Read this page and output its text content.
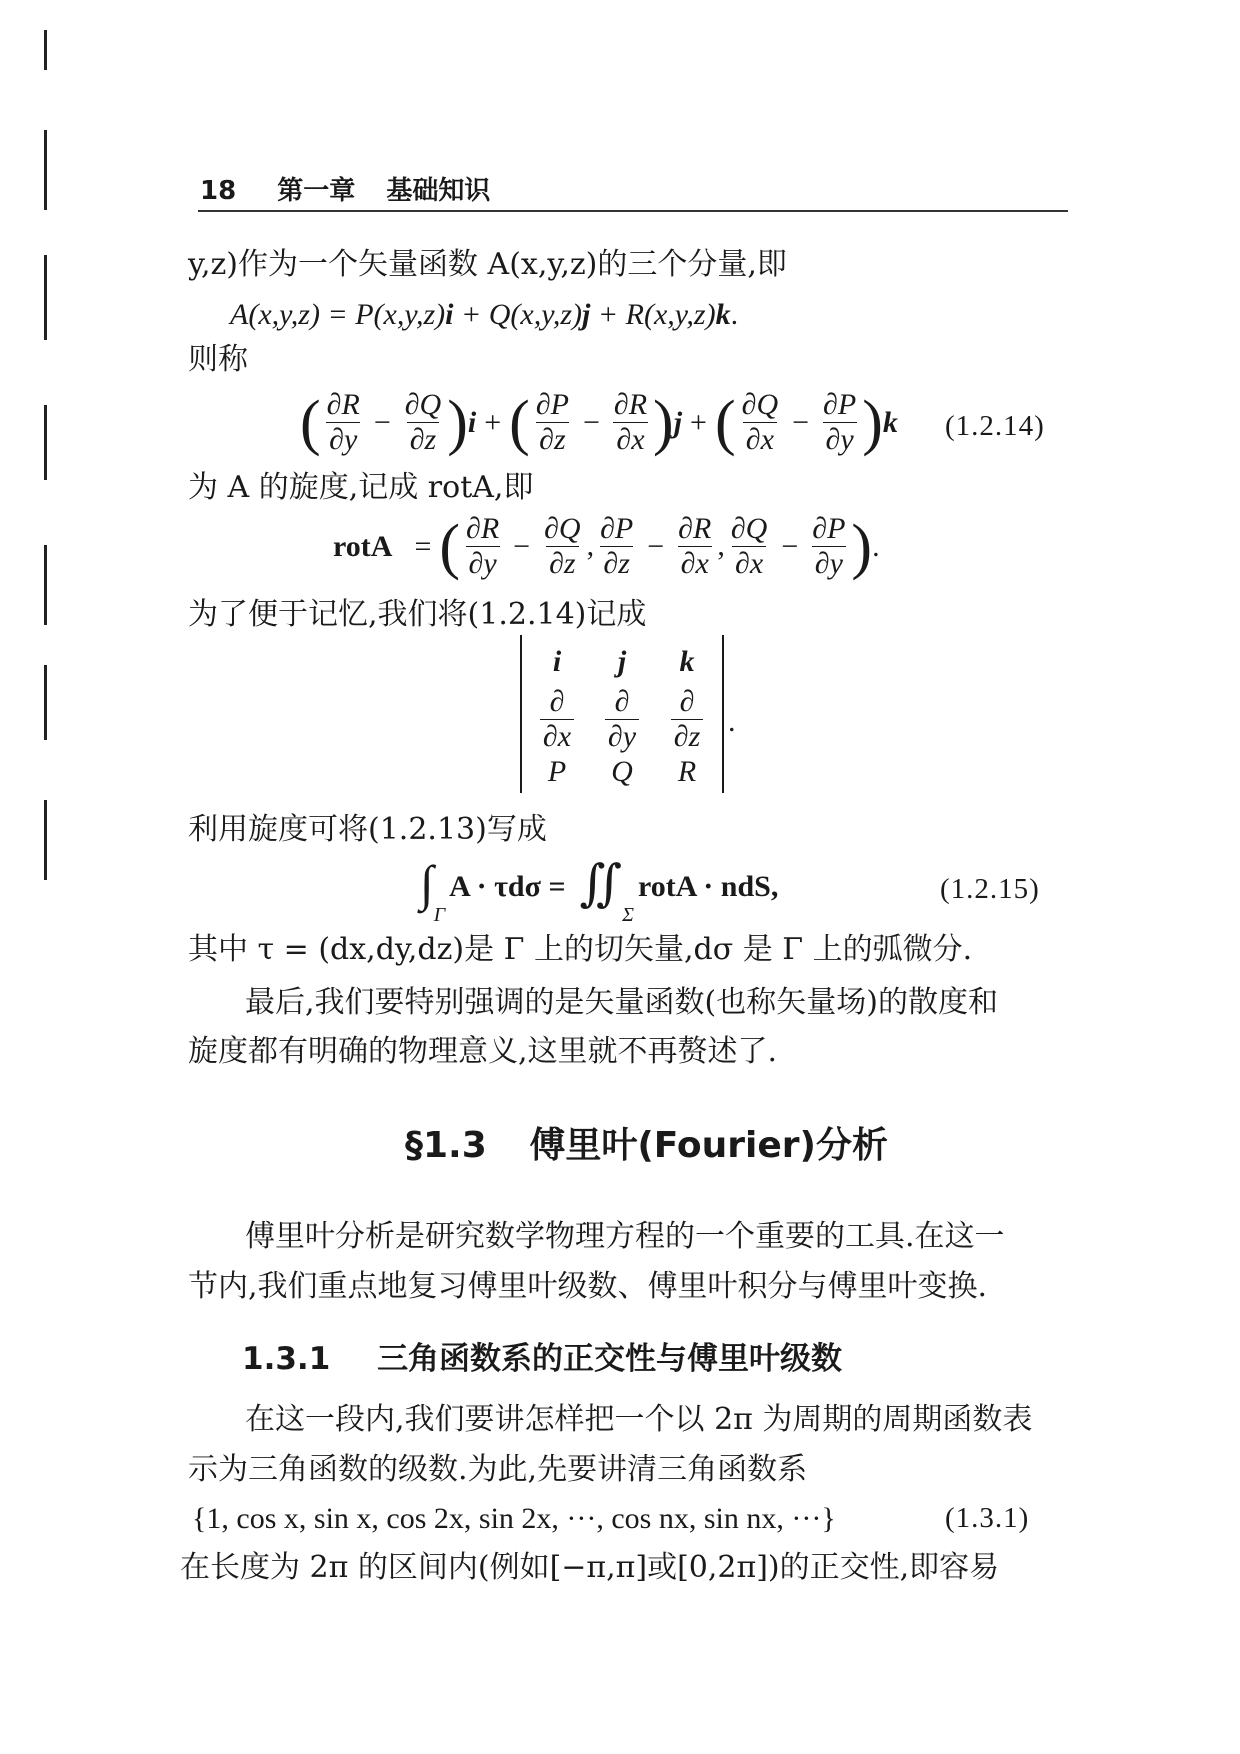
18 第一章 基础知识
y,z)作为一个矢量函数 A(x,y,z)的三个分量,即
A(x,y,z) = P(x,y,z)i + Q(x,y,z)j + R(x,y,z)k.
则称
( $\frac{\partial R}{\partial y} - \frac{\partial Q}{\partial z}$ ) i + ( $\frac{\partial P}{\partial z} - \frac{\partial R}{\partial x}$ ) j + ( $\frac{\partial Q}{\partial x} - \frac{\partial P}{\partial y}$ ) k (1.2.14)
为 A 的旋度,记成 rotA,即
rotA = ( $\frac{\partial R}{\partial y} - \frac{\partial Q}{\partial z}$ , $\frac{\partial P}{\partial z} - \frac{\partial R}{\partial x}$ , $\frac{\partial Q}{\partial x} - \frac{\partial P}{\partial y}$ ) .
为了便于记忆,我们将(1.2.14)记成
i	j	k
$\frac{\partial}{\partial x} \frac{\partial}{\partial y} \frac{\partial}{\partial z}$
P	Q	R
.
利用旋度可将(1.2.13)写成
∫
Γ
A · τdσ = ∬
Σ
rotA · ndS,	(1.2.15)
其中 τ = (dx,dy,dz)是 Γ 上的切矢量,dσ 是 Γ 上的弧微分.
最后,我们要特别强调的是矢量函数(也称矢量场)的散度和
旋度都有明确的物理意义,这里就不再赘述了.
§1.3 傅里叶(Fourier)分析
傅里叶分析是研究数学物理方程的一个重要的工具.在这一
节内,我们重点地复习傅里叶级数、傅里叶积分与傅里叶变换.
1.3.1 三角函数系的正交性与傅里叶级数
在这一段内,我们要讲怎样把一个以 2π 为周期的周期函数表
示为三角函数的级数.为此,先要讲清三角函数系
{1, cos x, sin x, cos 2x, sin 2x, ···, cos nx, sin nx, ···}	(1.3.1)
在长度为 2π 的区间内(例如[−π,π]或[0,2π])的正交性,即容易
